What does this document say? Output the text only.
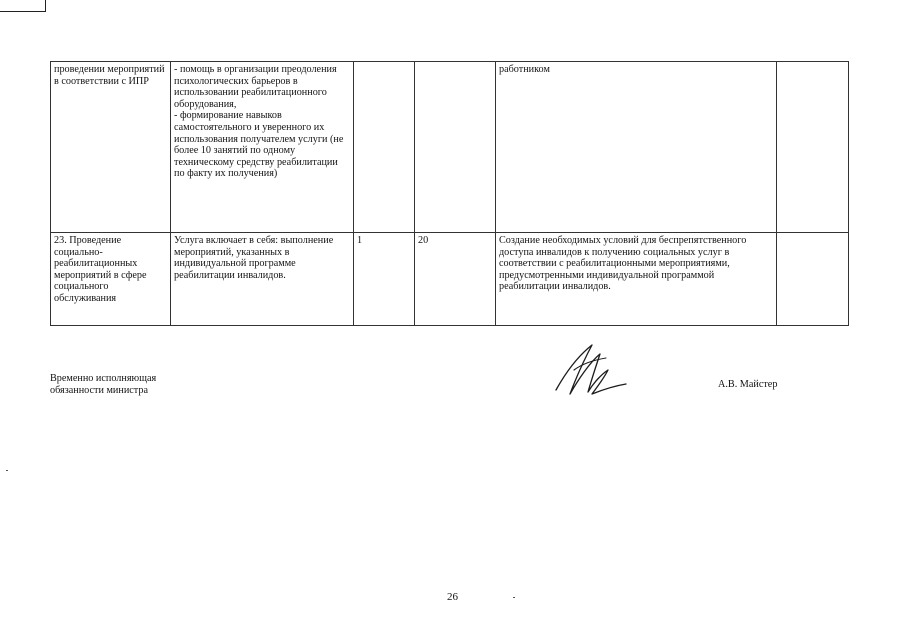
проведении мероприятий в соответствии с ИПР	- помощь в организации преодоления психологических барьеров в использовании реабилитационного оборудования,
- формирование навыков самостоятельного и уверенного их использования получателем услуги (не более 10 занятий по одному техническому средству реабилитации по факту их получения)			работником	
23. Проведение социально-реабилитационных мероприятий в сфере социального обслуживания	Услуга включает в себя: выполнение мероприятий, указанных в индивидуальной программе реабилитации инвалидов.	1	20	Создание необходимых условий для беспрепятственного доступа инвалидов к получению социальных услуг в соответствии с реабилитационными мероприятиями, предусмотренными индивидуальной программой реабилитации инвалидов.	
Временно исполняющая
обязанности министра
А.В. Майстер
26
